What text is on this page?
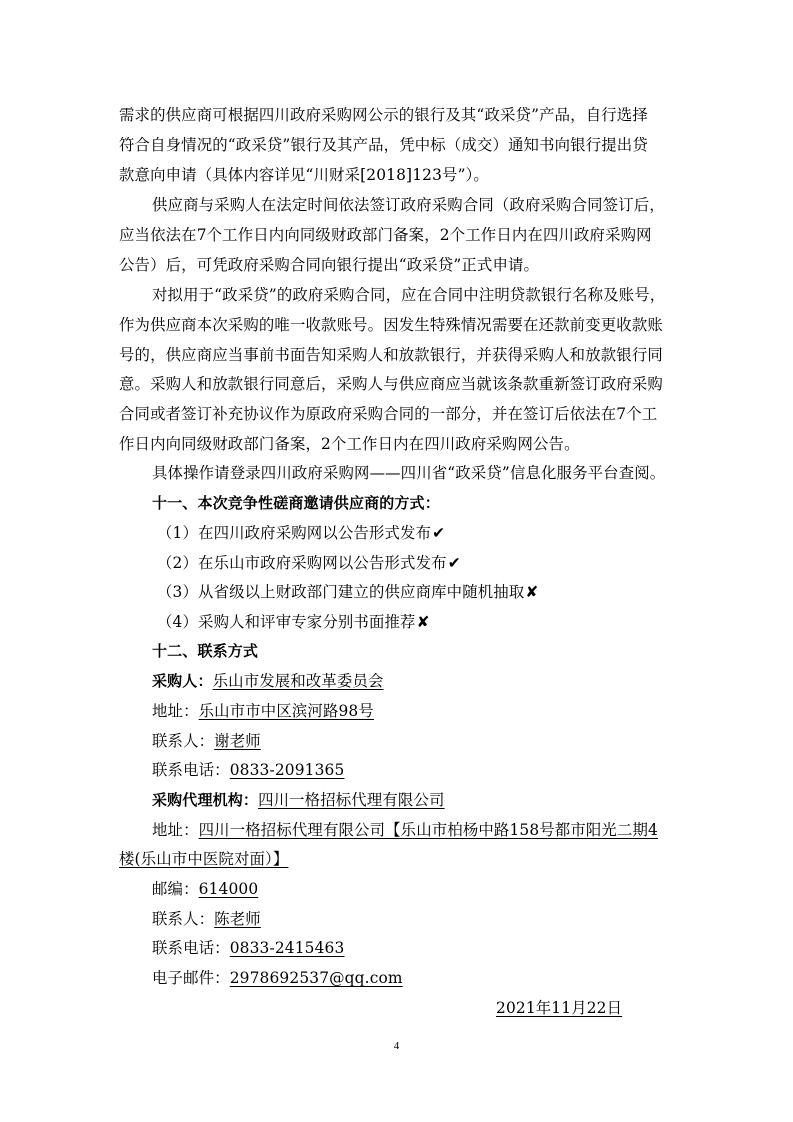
需求的供应商可根据四川政府采购网公示的银行及其“政采贷”产品，自行选择
符合自身情况的“政采贷”银行及其产品，凭中标（成交）通知书向银行提出贷
款意向申请（具体内容详见“川财采[2018]123号”）。
供应商与采购人在法定时间依法签订政府采购合同（政府采购合同签订后，
应当依法在7个工作日内向同级财政部门备案，2个工作日内在四川政府采购网
公告）后，可凭政府采购合同向银行提出“政采贷”正式申请。
对拟用于“政采贷”的政府采购合同，应在合同中注明贷款银行名称及账号，
作为供应商本次采购的唯一收款账号。因发生特殊情况需要在还款前变更收款账
号的，供应商应当事前书面告知采购人和放款银行，并获得采购人和放款银行同
意。采购人和放款银行同意后，采购人与供应商应当就该条款重新签订政府采购
合同或者签订补充协议作为原政府采购合同的一部分，并在签订后依法在7个工
作日内向同级财政部门备案，2个工作日内在四川政府采购网公告。
具体操作请登录四川政府采购网——四川省“政采贷”信息化服务平台查阅。
十一、本次竞争性磋商邀请供应商的方式：
（1）在四川政府采购网以公告形式发布✔
（2）在乐山市政府采购网以公告形式发布✔
（3）从省级以上财政部门建立的供应商库中随机抽取✘
（4）采购人和评审专家分别书面推荐✘
十二、联系方式
采购人：乐山市发展和改革委员会
地址：乐山市市中区滨河路98号
联系人：谢老师
联系电话：0833-2091365
采购代理机构：四川一格招标代理有限公司
地址：四川一格招标代理有限公司【乐山市柏杨中路158号都市阳光二期4
楼(乐山市中医院对面）】
邮编：614000
联系人：陈老师
联系电话：0833-2415463
电子邮件：2978692537@qq.com
2021年11月22日
4
